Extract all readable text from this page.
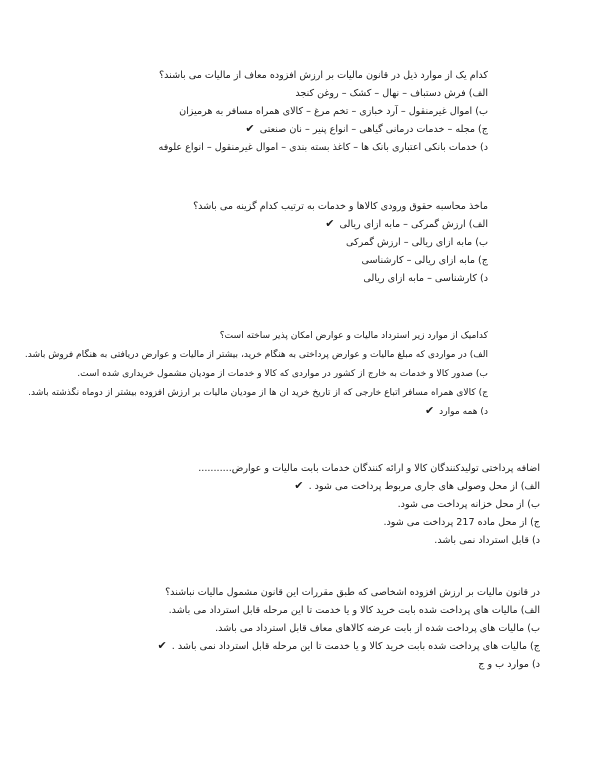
کدام یک از موارد ذیل در قانون مالیات بر ارزش افزوده معاف از مالیات می باشند؟
الف) فرش دستباف – نهال – کشک – روغن کنجد
ب) اموال غیرمنقول – آرد خبازی – تخم مرغ – کالای همراه مسافر به هرمیزان
ج) مجله – خدمات درمانی گیاهی – انواع پنیر – نان صنعتی ✔
د) خدمات بانکی اعتباری بانک ها – کاغذ بسته بندی – اموال غیرمنقول – انواع علوفه
ماخذ محاسبه حقوق ورودی کالاها و خدمات به ترتیب کدام گزینه می باشد؟
الف) ارزش گمرکی – مابه ازای ریالی ✔
ب) مابه ازای ریالی – ارزش گمرکی
ج) مابه ازای ریالی – کارشناسی
د) کارشناسی – مابه ازای ریالی
کدامیک از موارد زیر استرداد مالیات و عوارض امکان پذیر ساخته است؟
الف) در مواردی که مبلغ مالیات و عوارض پرداختی به هنگام خرید، بیشتر از مالیات و عوارض دریافتی به هنگام فروش باشد.
ب) صدور کالا و خدمات به خارج از کشور در مواردی که کالا و خدمات از مودیان مشمول خریداری شده است.
ج) کالای همراه مسافر اتباع خارجی که از تاریخ خرید ان ها از مودیان مالیات بر ارزش افزوده بیشتر از دوماه نگذشته باشد.
د) همه موارد ✔
اضافه پرداختی تولیدکنندگان کالا و ارائه کنندگان خدمات بابت مالیات و عوارض...........
الف) از محل وصولی های جاری مربوط پرداخت می شود . ✔
ب) از محل خزانه پرداخت می شود.
ج) از محل ماده 217 پرداخت می شود.
د) قابل استرداد نمی باشد.
در قانون مالیات بر ارزش افزوده اشخاصی که طبق مقررات این قانون مشمول مالیات نباشند؟
الف) مالیات های پرداخت شده بابت خرید کالا و یا خدمت تا این مرحله قابل استرداد می باشد.
ب) مالیات های پرداخت شده از بابت عرضه کالاهای معاف قابل استرداد می باشد.
ج) مالیات های پرداخت شده بابت خرید کالا و یا خدمت تا این مرحله قابل استرداد نمی باشد . ✔
د) موارد ب و ج
